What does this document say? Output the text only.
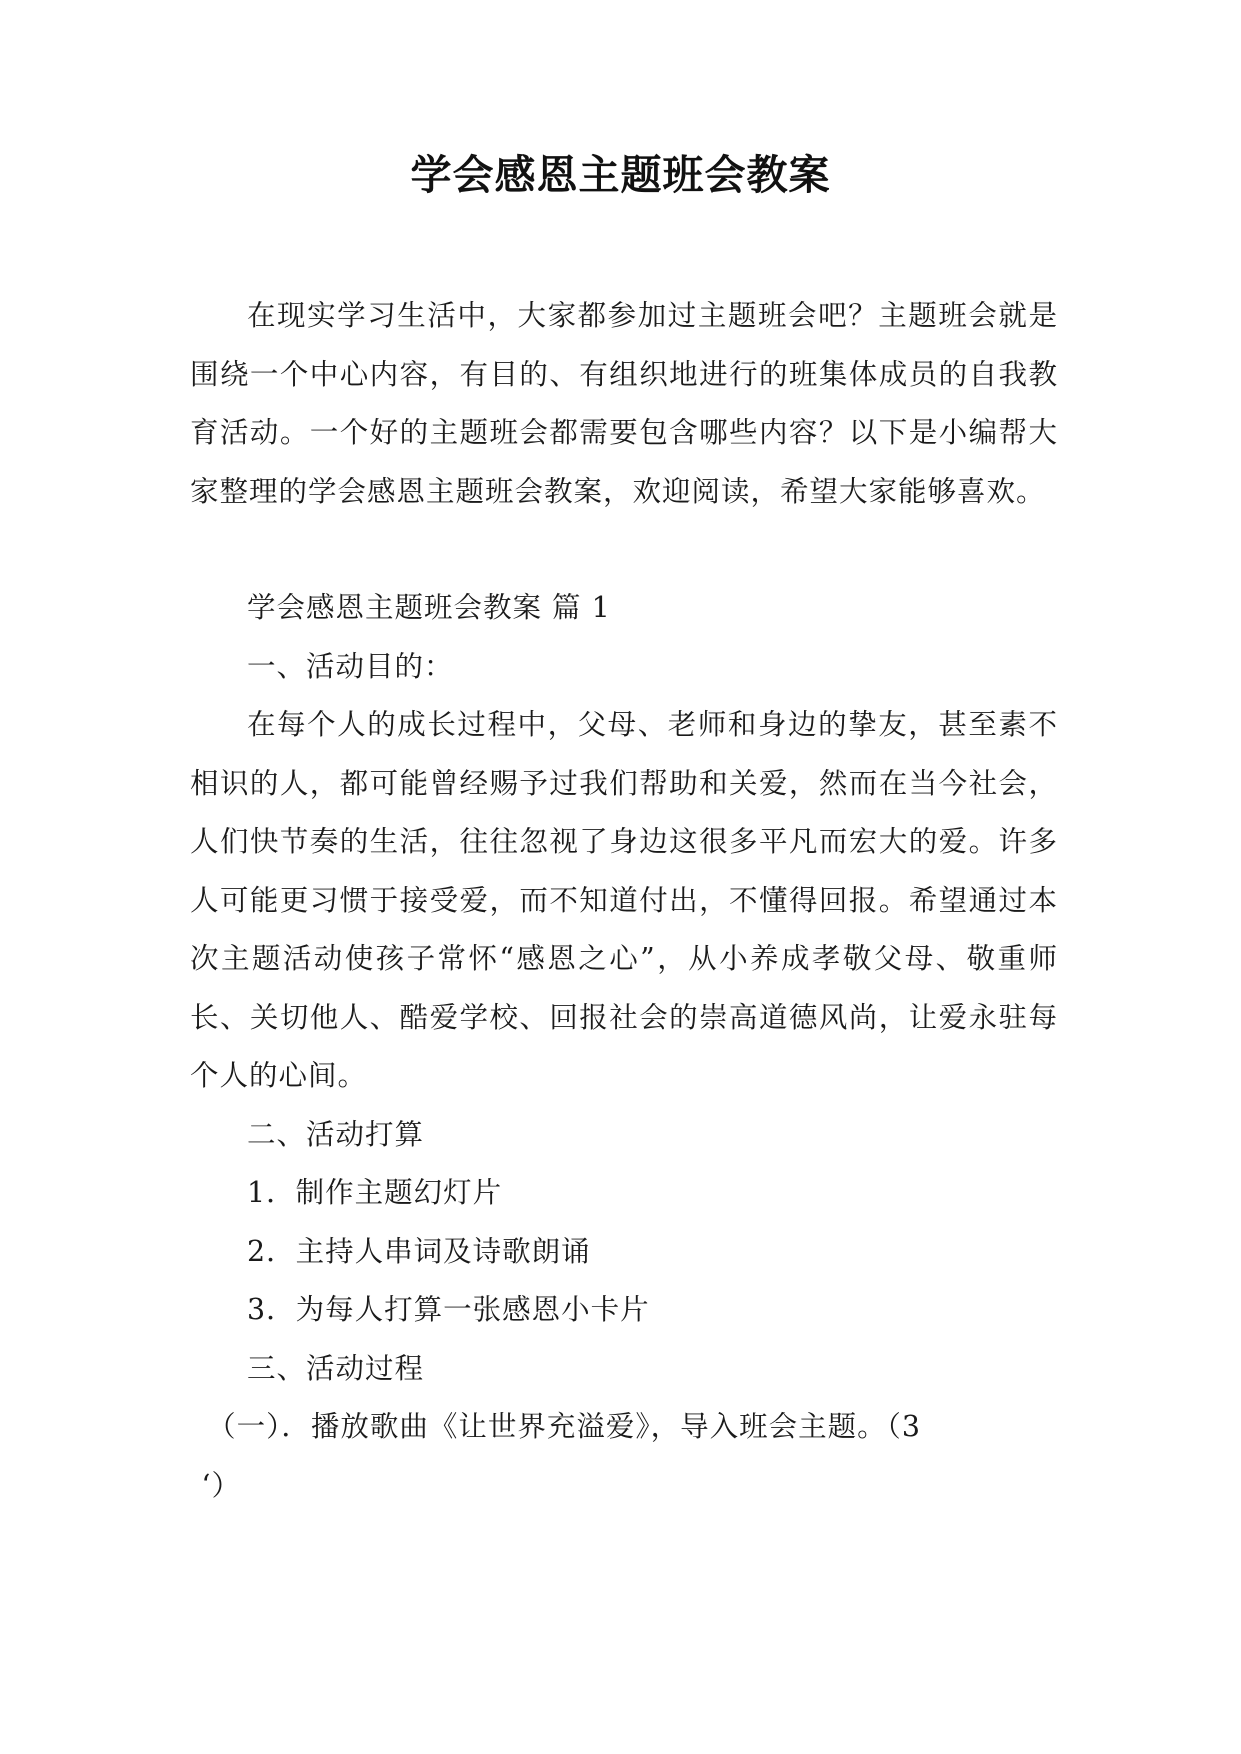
学会感恩主题班会教案

在现实学习生活中，大家都参加过主题班会吧？主题班会就是围绕一个中心内容，有目的、有组织地进行的班集体成员的自我教育活动。一个好的主题班会都需要包含哪些内容？以下是小编帮大家整理的学会感恩主题班会教案，欢迎阅读，希望大家能够喜欢。

学会感恩主题班会教案 篇 1

一、活动目的：

在每个人的成长过程中，父母、老师和身边的挚友，甚至素不相识的人，都可能曾经赐予过我们帮助和关爱，然而在当今社会，人们快节奏的生活，往往忽视了身边这很多平凡而宏大的爱。许多人可能更习惯于接受爱，而不知道付出，不懂得回报。希望通过本次主题活动使孩子常怀“感恩之心”，从小养成孝敬父母、敬重师长、关切他人、酷爱学校、回报社会的崇高道德风尚，让爱永驻每个人的心间。

二、活动打算

1．制作主题幻灯片

2．主持人串词及诗歌朗诵

3．为每人打算一张感恩小卡片

三、活动过程

（一）．播放歌曲《让世界充溢爱》，导入班会主题。（3

‘）
